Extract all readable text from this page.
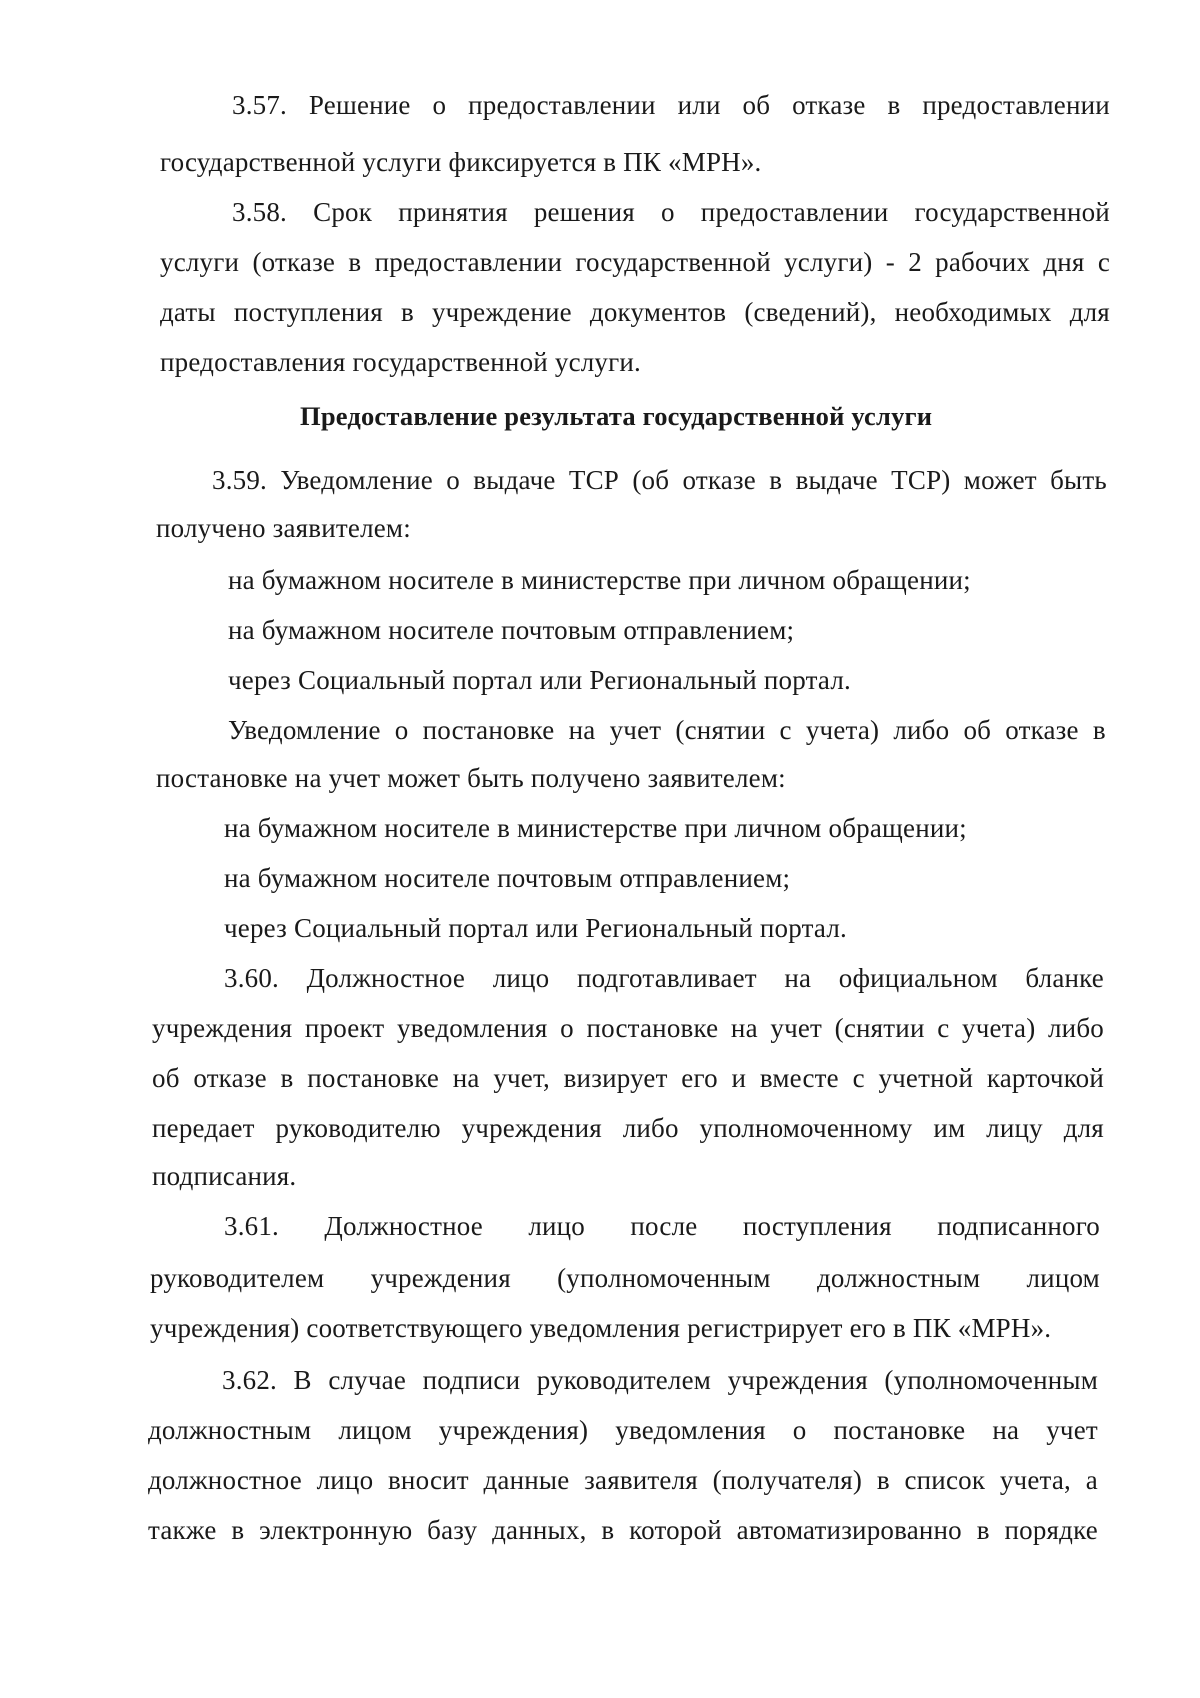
3.57. Решение о предоставлении или об отказе в предоставлении
государственной услуги фиксируется в ПК «МРН».
3.58. Срок принятия решения о предоставлении государственной
услуги (отказе в предоставлении государственной услуги) - 2 рабочих дня с
даты поступления в учреждение документов (сведений), необходимых для
предоставления государственной услуги.
Предоставление результата государственной услуги
3.59. Уведомление о выдаче ТСР (об отказе в выдаче ТСР) может быть
получено заявителем:
на бумажном носителе в министерстве при личном обращении;
на бумажном носителе почтовым отправлением;
через Социальный портал или Региональный портал.
Уведомление о постановке на учет (снятии с учета) либо об отказе в
постановке на учет может быть получено заявителем:
на бумажном носителе в министерстве при личном обращении;
на бумажном носителе почтовым отправлением;
через Социальный портал или Региональный портал.
3.60. Должностное лицо подготавливает на официальном бланке
учреждения проект уведомления о постановке на учет (снятии с учета) либо
об отказе в постановке на учет, визирует его и вместе с учетной карточкой
передает руководителю учреждения либо уполномоченному им лицу для
подписания.
3.61. Должностное лицо после поступления подписанного
руководителем учреждения (уполномоченным должностным лицом
учреждения) соответствующего уведомления регистрирует его в ПК «МРН».
3.62. В случае подписи руководителем учреждения (уполномоченным
должностным лицом учреждения) уведомления о постановке на учет
должностное лицо вносит данные заявителя (получателя) в список учета, а
также в электронную базу данных, в которой автоматизированно в порядке
